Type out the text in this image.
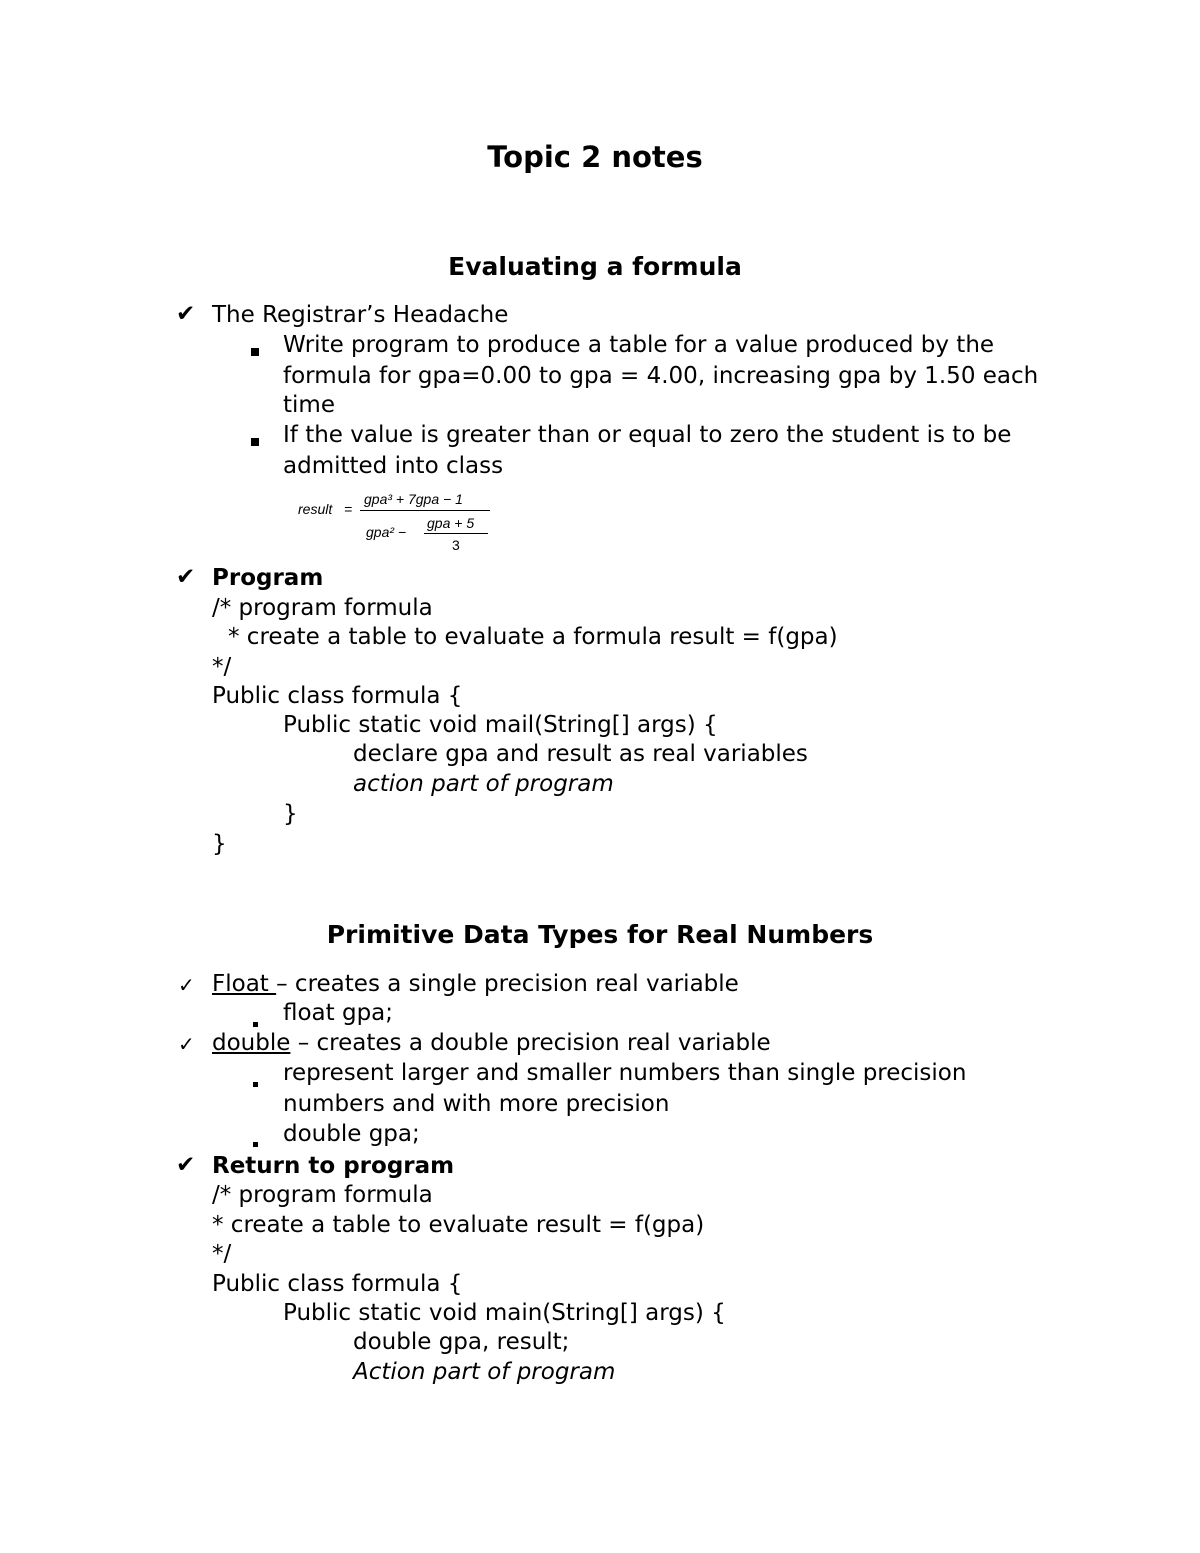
Topic 2 notes
Evaluating a formula
✔ The Registrar’s Headache
Write program to produce a table for a value produced by the
formula for gpa=0.00 to gpa = 4.00, increasing gpa by 1.50 each
time
If the value is greater than or equal to zero the student is to be
admitted into class
result =
gpa³ + 7gpa − 1
gpa² −
gpa + 5
3
✔ Program
/* program formula
* create a table to evaluate a formula result = f(gpa)
*/
Public class formula {
Public static void mail(String[] args) {
declare gpa and result as real variables
action part of program
}
}
Primitive Data Types for Real Numbers
✓ Float – creates a single precision real variable
float gpa;
✓ double – creates a double precision real variable
represent larger and smaller numbers than single precision
numbers and with more precision
double gpa;
✔ Return to program
/* program formula
* create a table to evaluate result = f(gpa)
*/
Public class formula {
Public static void main(String[] args) {
double gpa, result;
Action part of program
